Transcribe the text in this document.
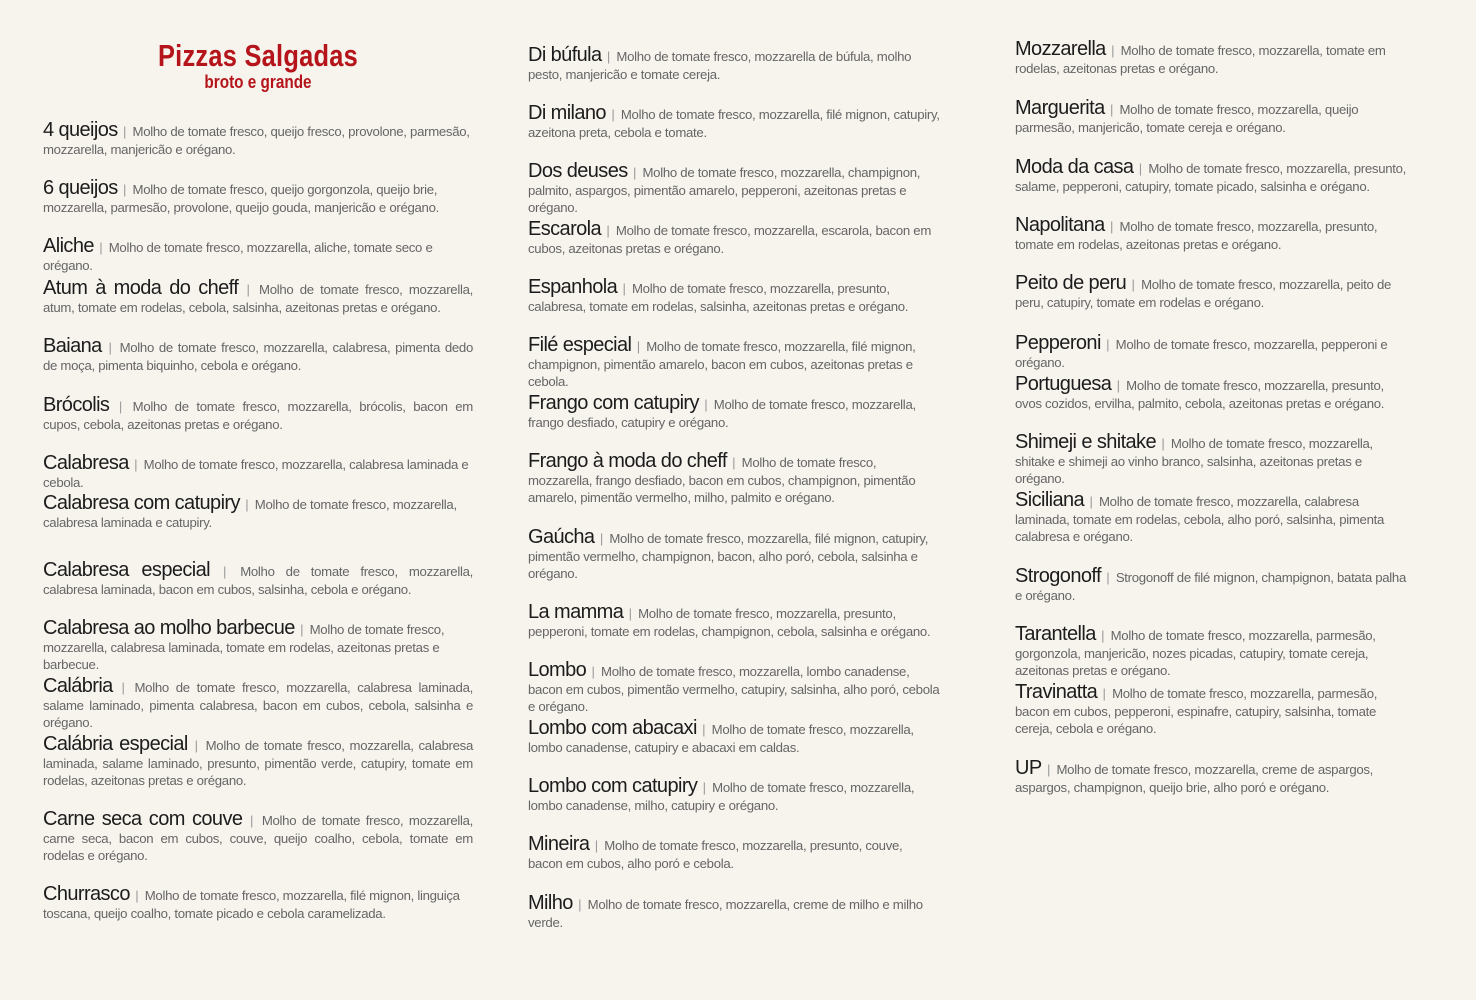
Pizzas Salgadas
broto e grande
4 queijos | Molho de tomate fresco, queijo fresco, provolone, parmesão, mozzarella, manjericão e orégano.
6 queijos | Molho de tomate fresco, queijo gorgonzola, queijo brie, mozzarella, parmesão, provolone, queijo gouda, manjericão e orégano.
Aliche | Molho de tomate fresco, mozzarella, aliche, tomate seco e orégano.
Atum à moda do cheff | Molho de tomate fresco, mozzarella, atum, tomate em rodelas, cebola, salsinha, azeitonas pretas e orégano.
Baiana | Molho de tomate fresco, mozzarella, calabresa, pimenta dedo de moça, pimenta biquinho, cebola e orégano.
Brócolis | Molho de tomate fresco, mozzarella, brócolis, bacon em cupos, cebola, azeitonas pretas e orégano.
Calabresa | Molho de tomate fresco, mozzarella, calabresa laminada e cebola.
Calabresa com catupiry | Molho de tomate fresco, mozzarella, calabresa laminada e catupiry.
Calabresa especial | Molho de tomate fresco, mozzarella, calabresa laminada, bacon em cubos, salsinha, cebola e orégano.
Calabresa ao molho barbecue | Molho de tomate fresco, mozzarella, calabresa laminada, tomate em rodelas, azeitonas pretas e barbecue.
Calábria | Molho de tomate fresco, mozzarella, calabresa laminada, salame laminado, pimenta calabresa, bacon em cubos, cebola, salsinha e orégano.
Calábria especial | Molho de tomate fresco, mozzarella, calabresa laminada, salame laminado, presunto, pimentão verde, catupiry, tomate em rodelas, azeitonas pretas e orégano.
Carne seca com couve | Molho de tomate fresco, mozzarella, carne seca, bacon em cubos, couve, queijo coalho, cebola, tomate em rodelas e orégano.
Churrasco | Molho de tomate fresco, mozzarella, filé mignon, linguiça toscana, queijo coalho, tomate picado e cebola caramelizada.
Di búfula | Molho de tomate fresco, mozzarella de búfula, molho pesto, manjericão e tomate cereja.
Di milano | Molho de tomate fresco, mozzarella, filé mignon, catupiry, azeitona preta, cebola e tomate.
Dos deuses | Molho de tomate fresco, mozzarella, champignon, palmito, aspargos, pimentão amarelo, pepperoni, azeitonas pretas e orégano.
Escarola | Molho de tomate fresco, mozzarella, escarola, bacon em cubos, azeitonas pretas e orégano.
Espanhola | Molho de tomate fresco, mozzarella, presunto, calabresa, tomate em rodelas, salsinha, azeitonas pretas e orégano.
Filé especial | Molho de tomate fresco, mozzarella, filé mignon, champignon, pimentão amarelo, bacon em cubos, azeitonas pretas e cebola.
Frango com catupiry | Molho de tomate fresco, mozzarella, frango desfiado, catupiry e orégano.
Frango à moda do cheff | Molho de tomate fresco, mozzarella, frango desfiado, bacon em cubos, champignon, pimentão amarelo, pimentão vermelho, milho, palmito e orégano.
Gaúcha | Molho de tomate fresco, mozzarella, filé mignon, catupiry, pimentão vermelho, champignon, bacon, alho poró, cebola, salsinha e orégano.
La mamma | Molho de tomate fresco, mozzarella, presunto, pepperoni, tomate em rodelas, champignon, cebola, salsinha e orégano.
Lombo | Molho de tomate fresco, mozzarella, lombo canadense, bacon em cubos, pimentão vermelho, catupiry, salsinha, alho poró, cebola e orégano.
Lombo com abacaxi | Molho de tomate fresco, mozzarella, lombo canadense, catupiry e abacaxi em caldas.
Lombo com catupiry | Molho de tomate fresco, mozzarella, lombo canadense, milho, catupiry e orégano.
Mineira | Molho de tomate fresco, mozzarella, presunto, couve, bacon em cubos, alho poró e cebola.
Milho | Molho de tomate fresco, mozzarella, creme de milho e milho verde.
Mozzarella | Molho de tomate fresco, mozzarella, tomate em rodelas, azeitonas pretas e orégano.
Marguerita | Molho de tomate fresco, mozzarella, queijo parmesão, manjericão, tomate cereja e orégano.
Moda da casa | Molho de tomate fresco, mozzarella, presunto, salame, pepperoni, catupiry, tomate picado, salsinha e orégano.
Napolitana | Molho de tomate fresco, mozzarella, presunto, tomate em rodelas, azeitonas pretas e orégano.
Peito de peru | Molho de tomate fresco, mozzarella, peito de peru, catupiry, tomate em rodelas e orégano.
Pepperoni | Molho de tomate fresco, mozzarella, pepperoni e orégano.
Portuguesa | Molho de tomate fresco, mozzarella, presunto, ovos cozidos, ervilha, palmito, cebola, azeitonas pretas e orégano.
Shimeji e shitake | Molho de tomate fresco, mozzarella, shitake e shimeji ao vinho branco, salsinha, azeitonas pretas e orégano.
Siciliana | Molho de tomate fresco, mozzarella, calabresa laminada, tomate em rodelas, cebola, alho poró, salsinha, pimenta calabresa e orégano.
Strogonoff | Strogonoff de filé mignon, champignon, batata palha e orégano.
Tarantella | Molho de tomate fresco, mozzarella, parmesão, gorgonzola, manjericão, nozes picadas, catupiry, tomate cereja, azeitonas pretas e orégano.
Travinatta | Molho de tomate fresco, mozzarella, parmesão, bacon em cubos, pepperoni, espinafre, catupiry, salsinha, tomate cereja, cebola e orégano.
UP | Molho de tomate fresco, mozzarella, creme de aspargos, aspargos, champignon, queijo brie, alho poró e orégano.
